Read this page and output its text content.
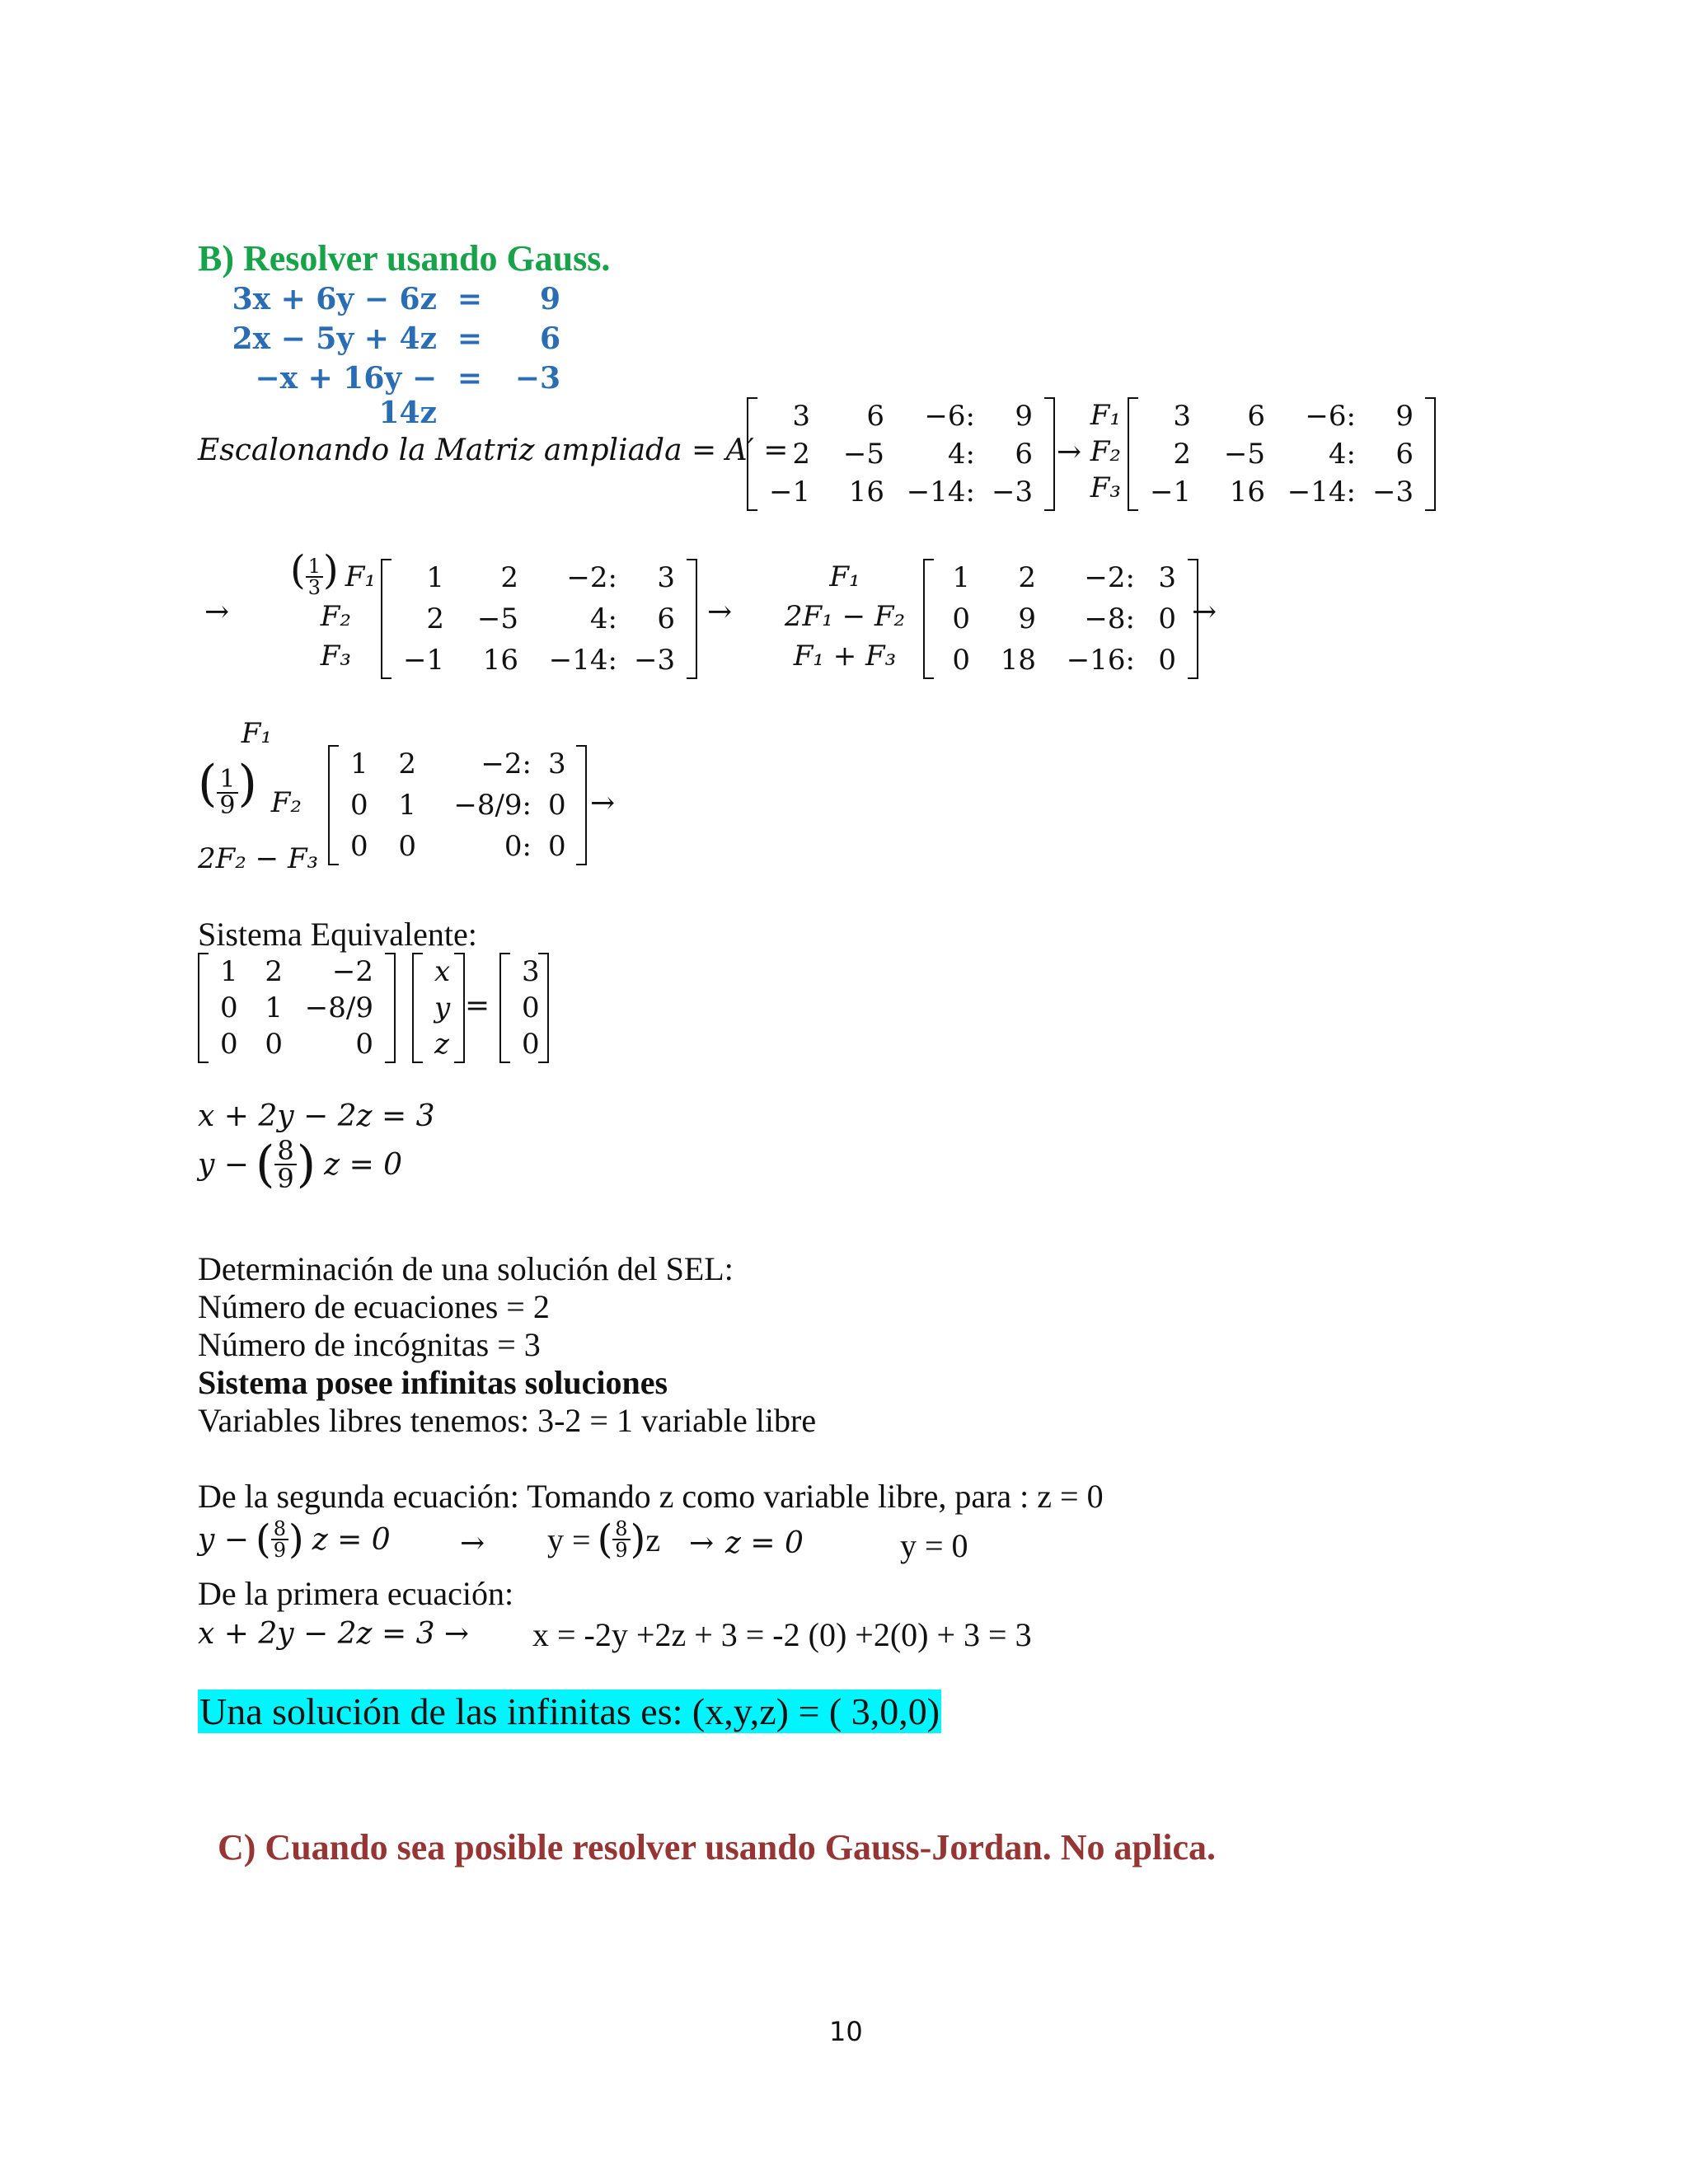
B) Resolver usando Gauss.
3x + 6y − 6z =	9
2x − 5y + 4z =	6
−x + 16y − 14z
=	−3
Escalonando la Matriz ampliada = A′ =
3	6	−6:	9
2	−5	4:	6
−1	16 −14: −3
→
F₁
F₂
F₃
3	6	−6:	9
2	−5	4:	6
−1	16 −14: −3
→
( $\frac{1}{3}$ ) F₁
F₂
F₃
1	2	−2:	3
2	−5	4:	6
−1	16	−14: −3
→
F₁
2F₁ − F₂
F₁ + F₃
1	2	−2: 3
0	9	−8: 0
0	18	−16: 0
→
F₁
( $\frac{1}{9}$ ) F₂
2F₂ − F₃
1	2	−2: 3
0	1	−8/9: 0
0	0	0: 0
→
Sistema Equivalente:
1 2	−2
0 1 −8/9
0 0	0
x
y
z
=
3
0
0
x + 2y − 2z = 3
y − ( $\frac{8}{9}$ ) z = 0
Determinación de una solución del SEL:
Número de ecuaciones = 2
Número de incógnitas = 3
Sistema posee infinitas soluciones
Variables libres tenemos: 3-2 = 1 variable libre
De la segunda ecuación: Tomando z como variable libre, para : z = 0
y − ( $\frac{8}{9}$ ) z = 0 → y = ( $\frac{8}{9}$ ) z → z = 0	y = 0
De la primera ecuación:
x + 2y − 2z = 3 → x = -2y +2z + 3 = -2 (0) +2(0) + 3 = 3
Una solución de las infinitas es: (x,y,z) = ( 3,0,0)
C) Cuando sea posible resolver usando Gauss-Jordan. No aplica.
10
